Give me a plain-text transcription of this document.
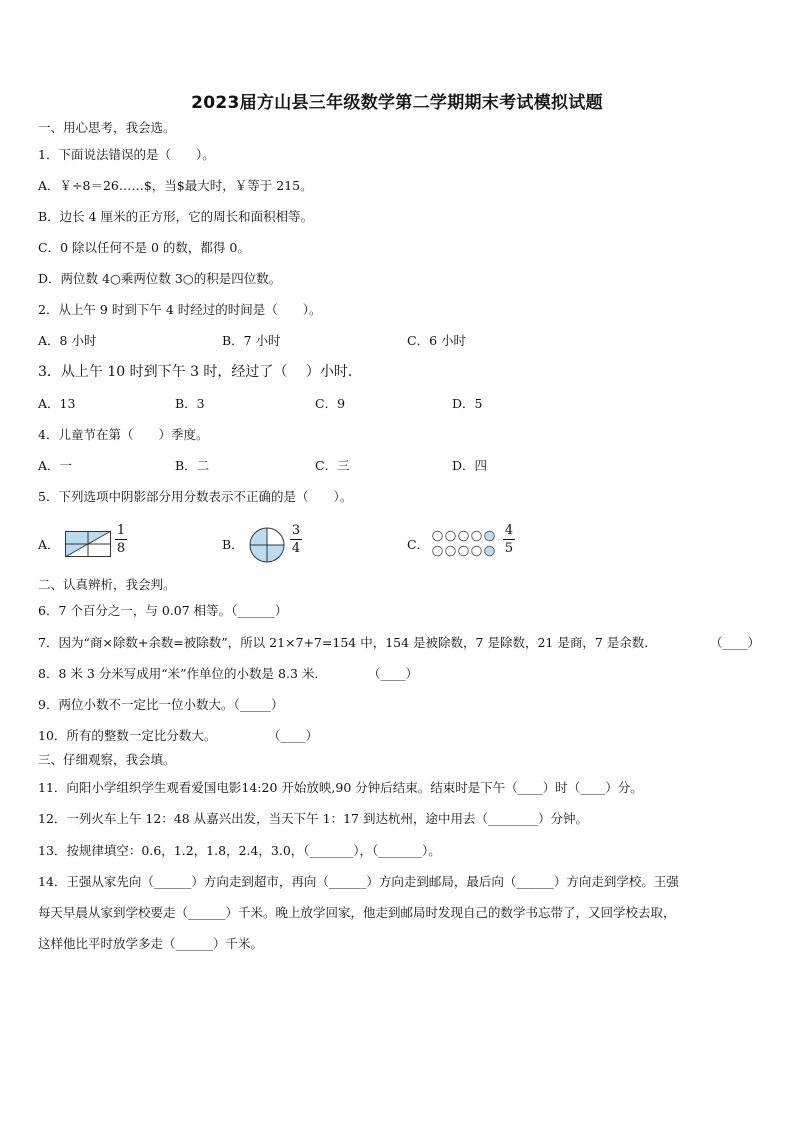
2023届方山县三年级数学第二学期期末考试模拟试题
一、用心思考，我会选。
1．下面说法错误的是（　　）。
A．￥÷8＝26……$，当$最大时，￥等于 215。
B．边长 4 厘米的正方形，它的周长和面积相等。
C．0 除以任何不是 0 的数，都得 0。
D．两位数 4○乘两位数 3○的积是四位数。
2．从上午 9 时到下午 4 时经过的时间是（　　）。
A．8 小时	B．7 小时	C．6 小时
3．从上午 10 时到下午 3 时，经过了（　 ）小时．
A．13	B．3	C．9	D．5
4．儿童节在第（　　）季度。
A．一	B．二	C．三	D．四
5．下列选项中阴影部分用分数表示不正确的是（　　）。
A．
1
8	B．
3
4	C．
4
5
二、认真辨析，我会判。
6．7 个百分之一，与 0.07 相等。（______）
7．因为“商×除数+余数=被除数”，所以 21×7+7=154 中，154 是被除数，7 是除数，21 是商，7 是余数．	（____）
8．8 米 3 分米写成用“米”作单位的小数是 8.3 米．	（____）
9．两位小数不一定比一位小数大。（_____）
10．所有的整数一定比分数大。	（____）
三、仔细观察，我会填。
11．向阳小学组织学生观看爱国电影14:20 开始放映,90 分钟后结束。结束时是下午（____）时（____）分。
12．一列火车上午 12：48 从嘉兴出发，当天下午 1：17 到达杭州，途中用去（________）分钟。
13．按规律填空：0.6，1.2，1.8，2.4，3.0，（_______），（_______）。
14．王强从家先向（______）方向走到超市，再向（______）方向走到邮局，最后向（______）方向走到学校。王强
每天早晨从家到学校要走（______）千米。晚上放学回家，他走到邮局时发现自己的数学书忘带了，又回学校去取，
这样他比平时放学多走（______）千米。
